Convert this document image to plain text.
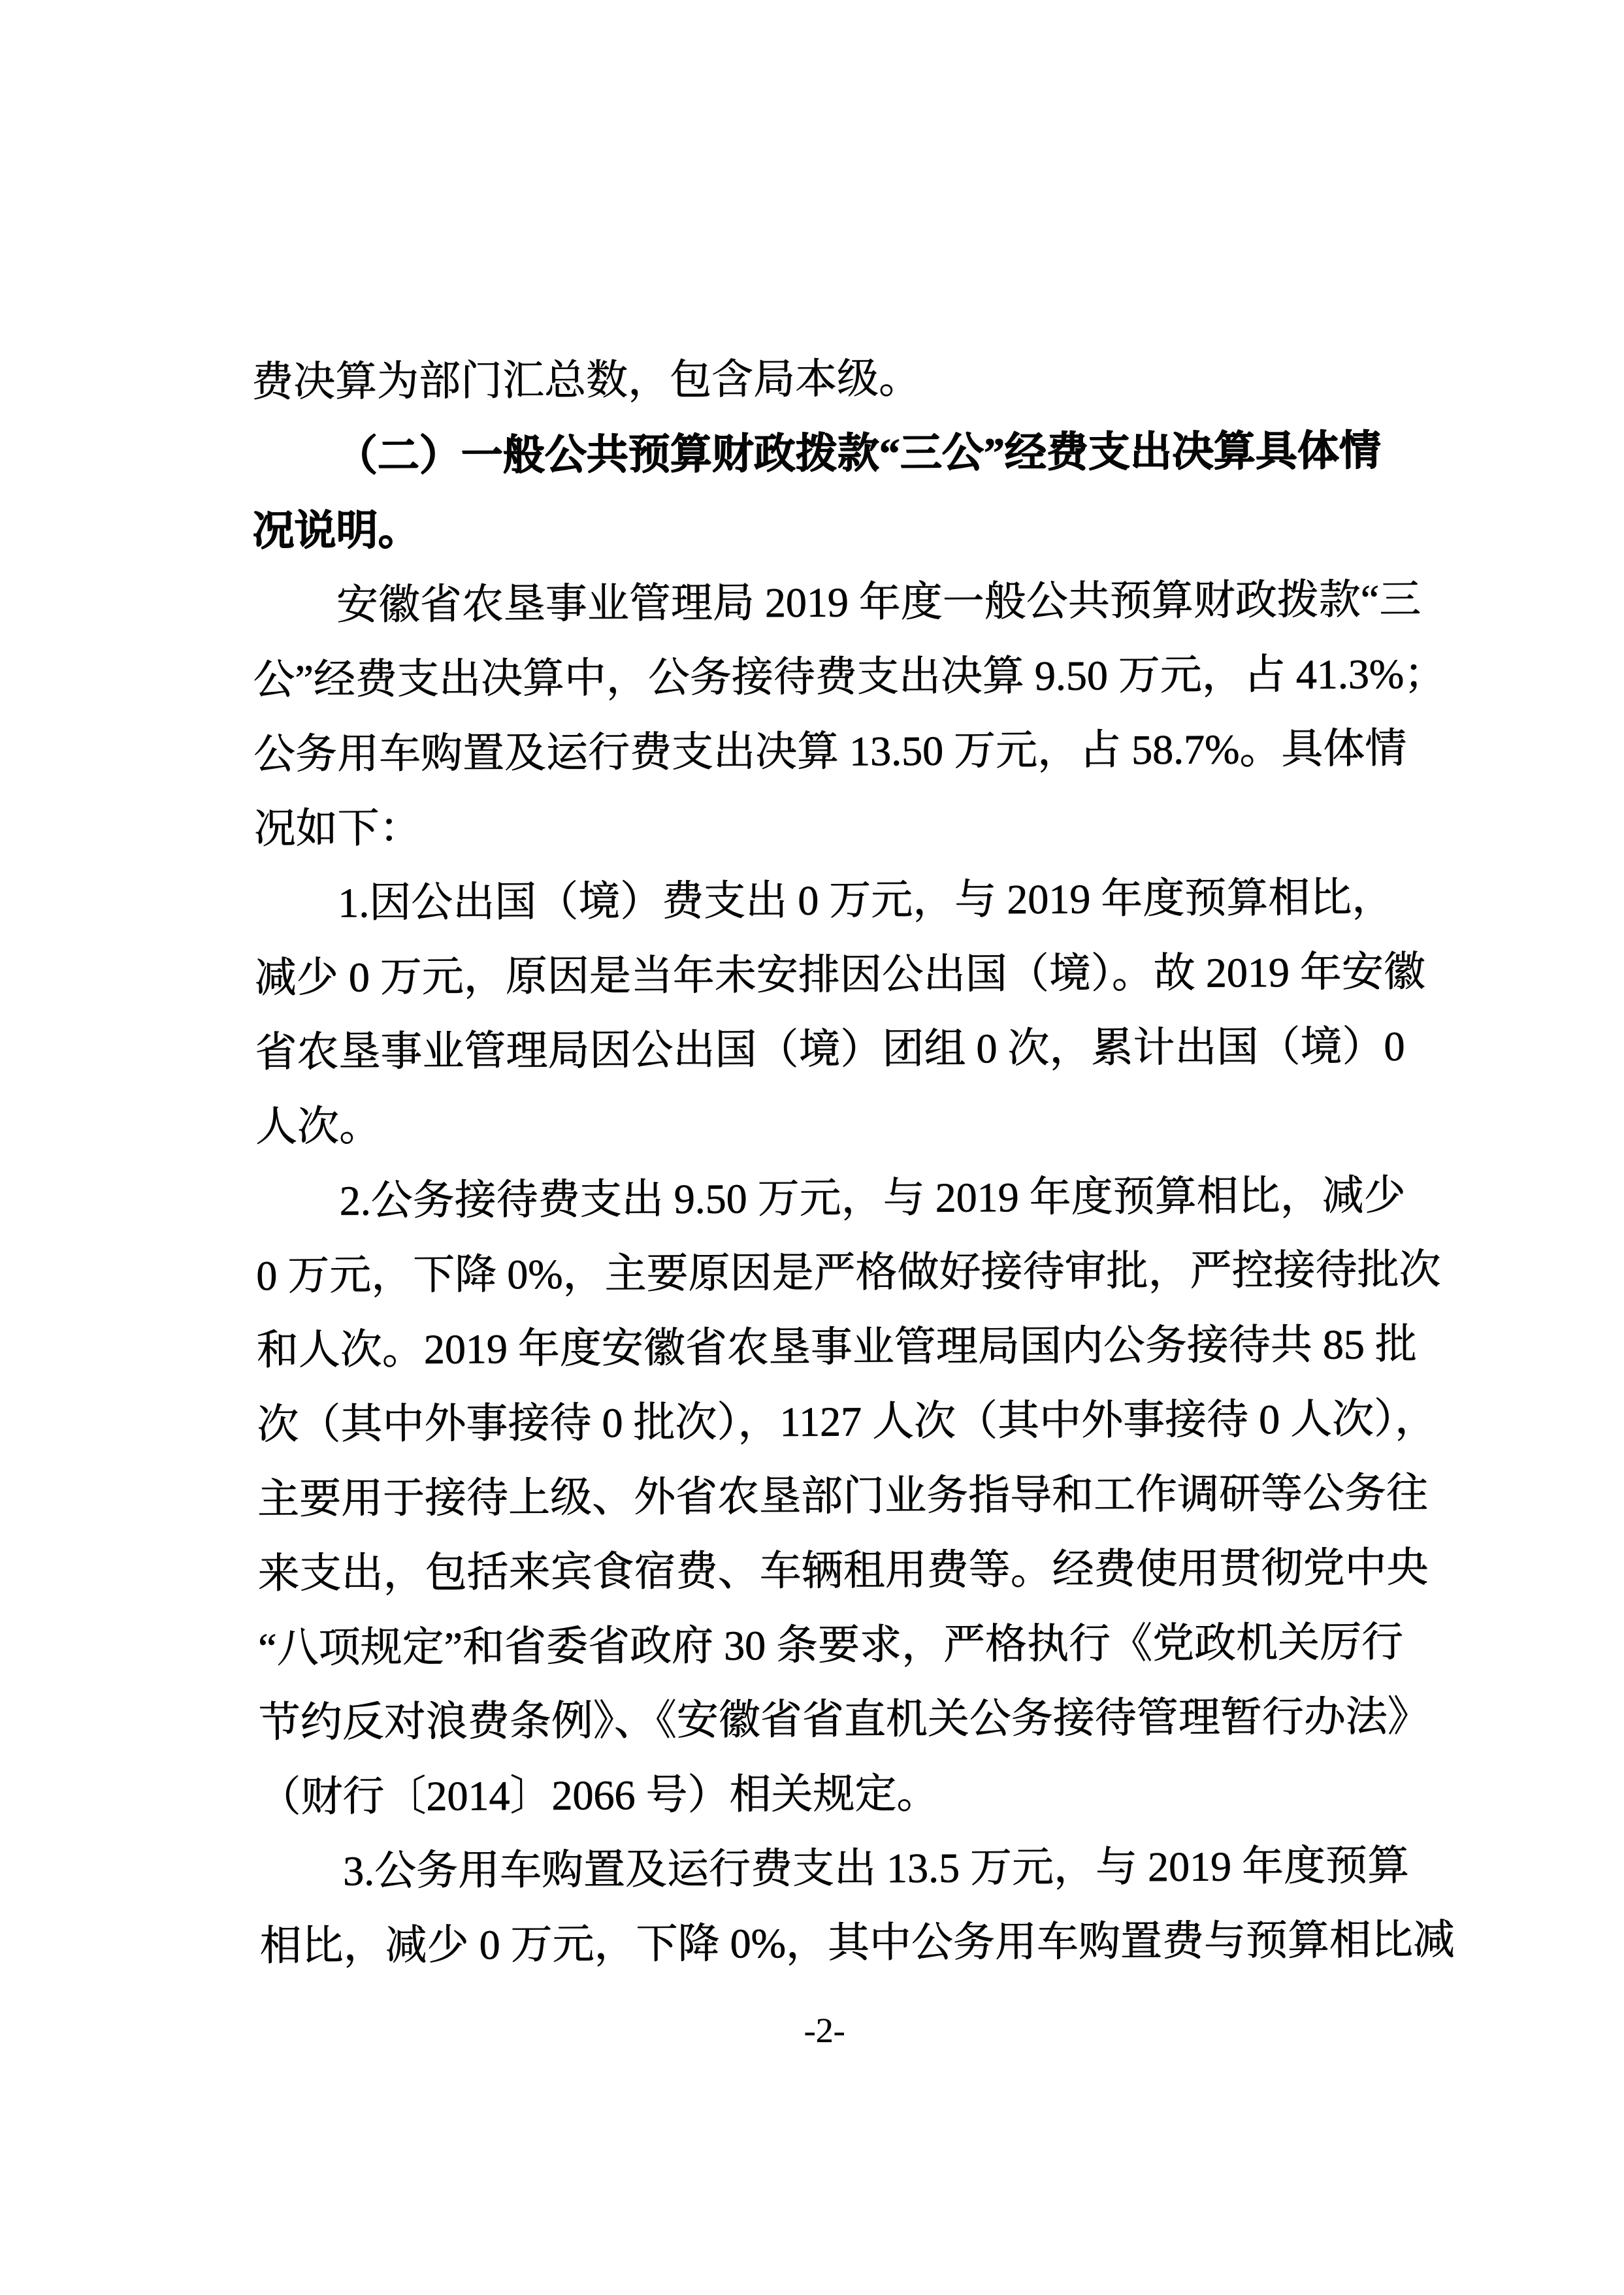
费决算为部门汇总数，包含局本级。
（二）一般公共预算财政拨款“三公”经费支出决算具体情
况说明。
安徽省农垦事业管理局 2019 年度一般公共预算财政拨款“三
公”经费支出决算中，公务接待费支出决算 9.50 万元，占 41.3%；
公务用车购置及运行费支出决算 13.50 万元，占 58.7%。具体情
况如下：
1.因公出国（境）费支出 0 万元，与 2019 年度预算相比，
减少 0 万元，原因是当年未安排因公出国（境）。故 2019 年安徽
省农垦事业管理局因公出国（境）团组 0 次，累计出国（境）0
人次。
2.公务接待费支出 9.50 万元，与 2019 年度预算相比，减少
0 万元，下降 0%，主要原因是严格做好接待审批，严控接待批次
和人次。2019 年度安徽省农垦事业管理局国内公务接待共 85 批
次（其中外事接待 0 批次），1127 人次（其中外事接待 0 人次），
主要用于接待上级、外省农垦部门业务指导和工作调研等公务往
来支出，包括来宾食宿费、车辆租用费等。经费使用贯彻党中央
“八项规定”和省委省政府 30 条要求，严格执行《党政机关厉行
节约反对浪费条例》、《安徽省省直机关公务接待管理暂行办法》
（财行〔2014〕2066 号）相关规定。
3.公务用车购置及运行费支出 13.5 万元，与 2019 年度预算
相比，减少 0 万元，下降 0%，其中公务用车购置费与预算相比减
-2-
